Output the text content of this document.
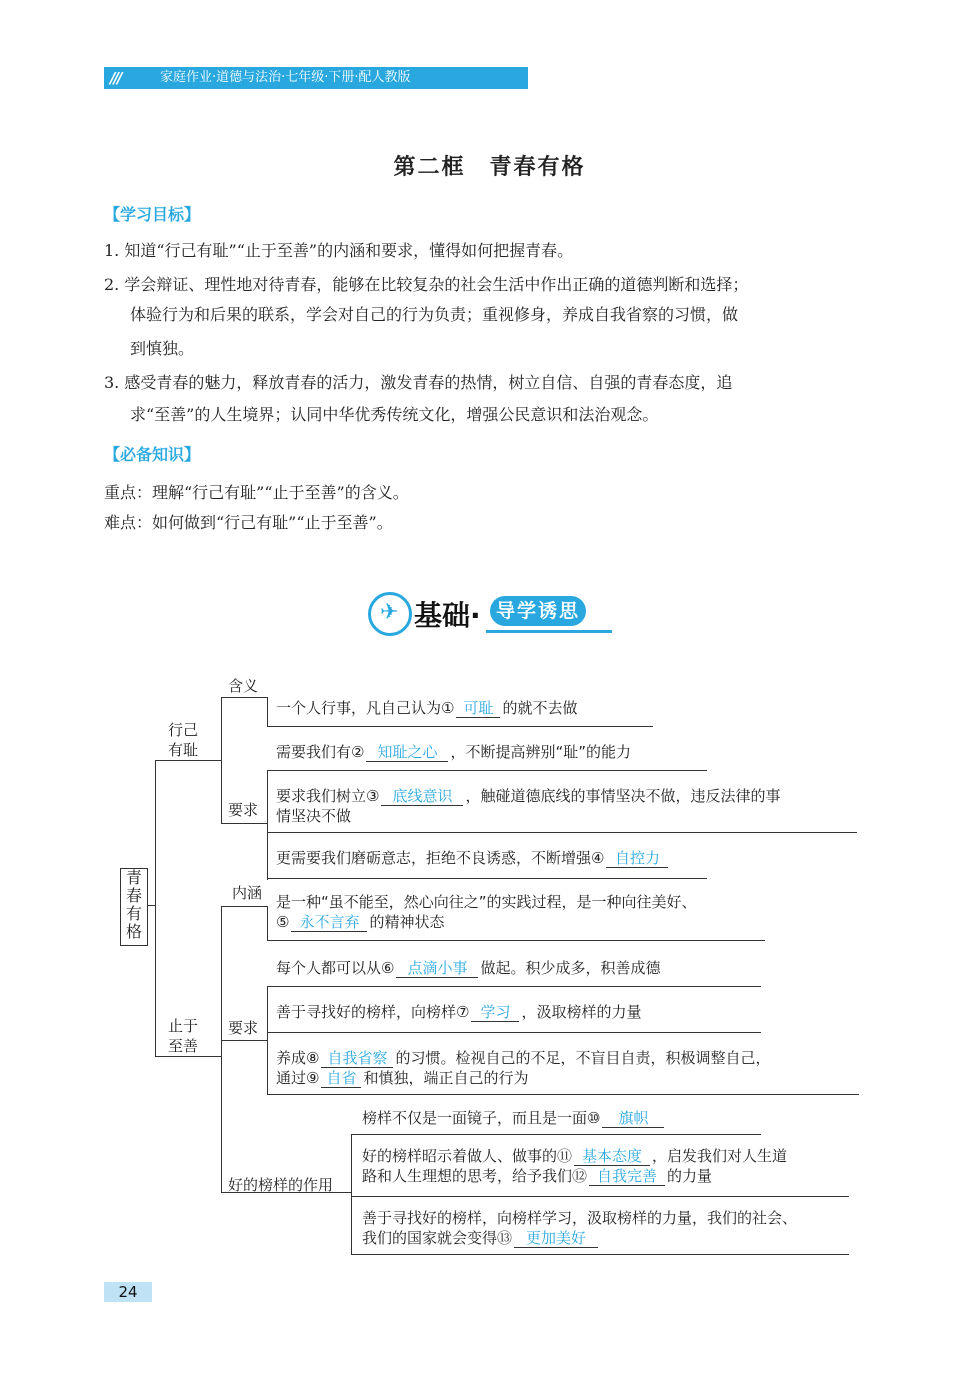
///	家庭作业·道德与法治·七年级·下册·配人教版
第二框　青春有格
【学习目标】
1. 知道“行己有耻”“止于至善”的内涵和要求，懂得如何把握青春。
2. 学会辩证、理性地对待青春，能够在比较复杂的社会生活中作出正确的道德判断和选择；
体验行为和后果的联系，学会对自己的行为负责；重视修身，养成自我省察的习惯，做
到慎独。
3. 感受青春的魅力，释放青春的活力，激发青春的热情，树立自信、自强的青春态度，追
求“至善”的人生境界；认同中华优秀传统文化，增强公民意识和法治观念。
【必备知识】
重点：理解“行己有耻”“止于至善”的含义。
难点：如何做到“行己有耻”“止于至善”。
✈ 基础· 导学诱思
青春有格
行己有耻
含义
要求
一个人行事，凡自己认为① 可耻 的就不去做
需要我们有② 知耻之心 ，不断提高辨别“耻”的能力
要求我们树立③ 底线意识 ，触碰道德底线的事情坚决不做，违反法律的事
情坚决不做
更需要我们磨砺意志，拒绝不良诱惑，不断增强④ 自控力
止于至善
内涵
要求
好的榜样的作用
是一种“虽不能至，然心向往之”的实践过程，是一种向往美好、
⑤ 永不言弃 的精神状态
每个人都可以从⑥ 点滴小事 做起。积少成多，积善成德
善于寻找好的榜样，向榜样⑦ 学习 ，汲取榜样的力量
养成⑧ 自我省察 的习惯。检视自己的不足，不盲目自责，积极调整自己，
通过⑨ 自省 和慎独，端正自己的行为
榜样不仅是一面镜子，而且是一面⑩ 旗帜
好的榜样昭示着做人、做事的⑪ 基本态度 ，启发我们对人生道
路和人生理想的思考，给予我们⑫ 自我完善 的力量
善于寻找好的榜样，向榜样学习，汲取榜样的力量，我们的社会、
我们的国家就会变得⑬ 更加美好
24
